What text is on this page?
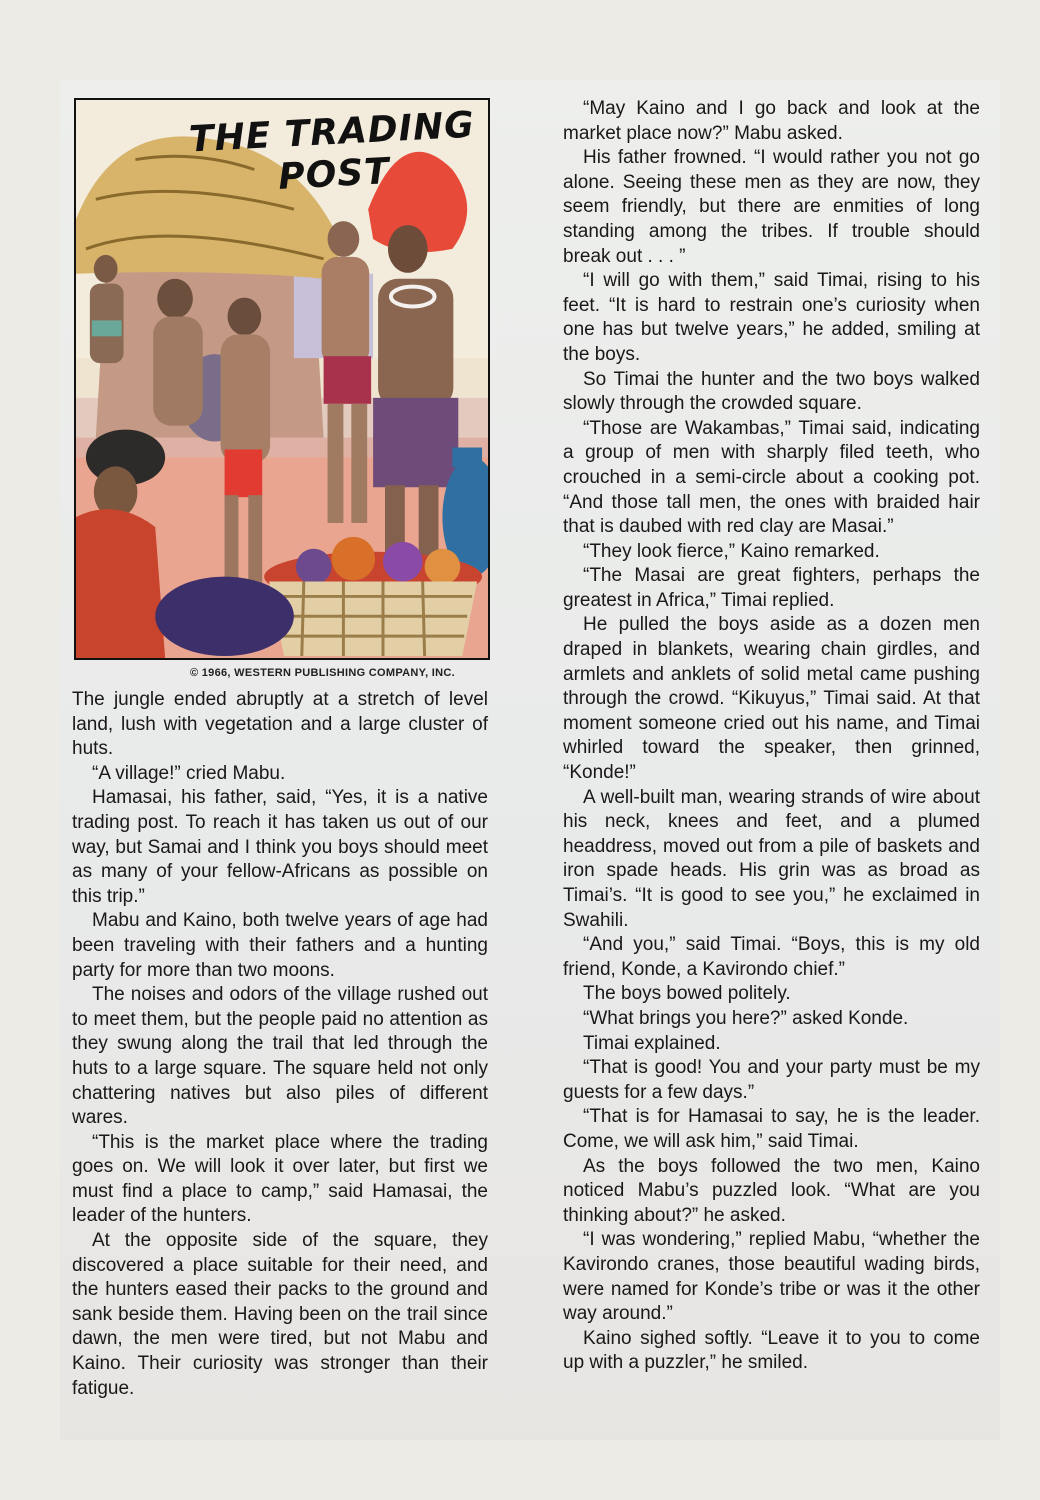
THE TRADING POST
© 1966, WESTERN PUBLISHING COMPANY, INC.

The jungle ended abruptly at a stretch of level land, lush with vegetation and a large cluster of huts.

“A village!” cried Mabu.

Hamasai, his father, said, “Yes, it is a native trading post. To reach it has taken us out of our way, but Samai and I think you boys should meet as many of your fellow-Africans as possible on this trip.”

Mabu and Kaino, both twelve years of age had been traveling with their fathers and a hunting party for more than two moons.

The noises and odors of the village rushed out to meet them, but the people paid no attention as they swung along the trail that led through the huts to a large square. The square held not only chattering natives but also piles of different wares.

“This is the market place where the trading goes on. We will look it over later, but first we must find a place to camp,” said Hamasai, the leader of the hunters.

At the opposite side of the square, they discovered a place suitable for their need, and the hunters eased their packs to the ground and sank beside them. Having been on the trail since dawn, the men were tired, but not Mabu and Kaino. Their curiosity was stronger than their fatigue.

“May Kaino and I go back and look at the market place now?” Mabu asked.

His father frowned. “I would rather you not go alone. Seeing these men as they are now, they seem friendly, but there are enmities of long standing among the tribes. If trouble should break out . . . ”

“I will go with them,” said Timai, rising to his feet. “It is hard to restrain one’s curiosity when one has but twelve years,” he added, smiling at the boys.

So Timai the hunter and the two boys walked slowly through the crowded square.

“Those are Wakambas,” Timai said, indicating a group of men with sharply filed teeth, who crouched in a semi-circle about a cooking pot. “And those tall men, the ones with braided hair that is daubed with red clay are Masai.”

“They look fierce,” Kaino remarked.

“The Masai are great fighters, perhaps the greatest in Africa,” Timai replied.

He pulled the boys aside as a dozen men draped in blankets, wearing chain girdles, and armlets and anklets of solid metal came pushing through the crowd. “Kikuyus,” Timai said. At that moment someone cried out his name, and Timai whirled toward the speaker, then grinned, “Konde!”

A well-built man, wearing strands of wire about his neck, knees and feet, and a plumed headdress, moved out from a pile of baskets and iron spade heads. His grin was as broad as Timai’s. “It is good to see you,” he exclaimed in Swahili.

“And you,” said Timai. “Boys, this is my old friend, Konde, a Kavirondo chief.”

The boys bowed politely.

“What brings you here?” asked Konde.

Timai explained.

“That is good! You and your party must be my guests for a few days.”

“That is for Hamasai to say, he is the leader. Come, we will ask him,” said Timai.

As the boys followed the two men, Kaino noticed Mabu’s puzzled look. “What are you thinking about?” he asked.

“I was wondering,” replied Mabu, “whether the Kavirondo cranes, those beautiful wading birds, were named for Konde’s tribe or was it the other way around.”

Kaino sighed softly. “Leave it to you to come up with a puzzler,” he smiled.
